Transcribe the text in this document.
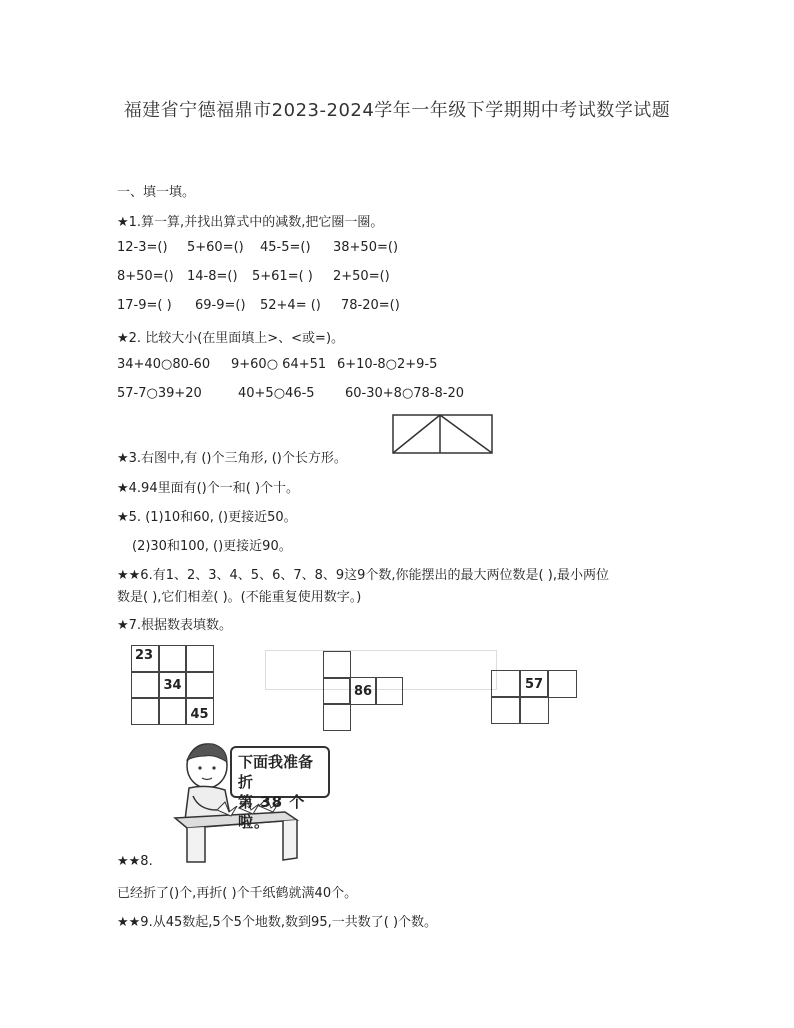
福建省宁德福鼎市2023-2024学年一年级下学期期中考试数学试题
一、填一填。
★1.算一算,并找出算式中的减数,把它圈一圈。
12-3=() 5+60=() 45-5=() 38+50=()
8+50=() 14-8=() 5+61=( ) 2+50=()
17-9=( ) 69-9=() 52+4= () 78-20=()
★2. 比较大小(在里面填上>、<或=)。
34+40○80-60 9+60○ 64+51 6+10-8○2+9-5
57-7○39+20	40+5○46-5 60-30+8○78-8-20
★3.右图中,有 ()个三角形, ()个长方形。
★4.94里面有()个一和( )个十。
★5. (1)10和60, ()更接近50。
(2)30和100, ()更接近90。
★★6.有1、2、3、4、5、6、7、8、9这9个数,你能摆出的最大两位数是( ),最小两位
数是( ),它们相差( )。(不能重复使用数字。)
★7.根据数表填数。
23
34
45
86	57
下面我准备折
第 38 个啦。
★★8.
已经折了()个,再折( )个千纸鹤就满40个。
★★9.从45数起,5个5个地数,数到95,一共数了( )个数。
